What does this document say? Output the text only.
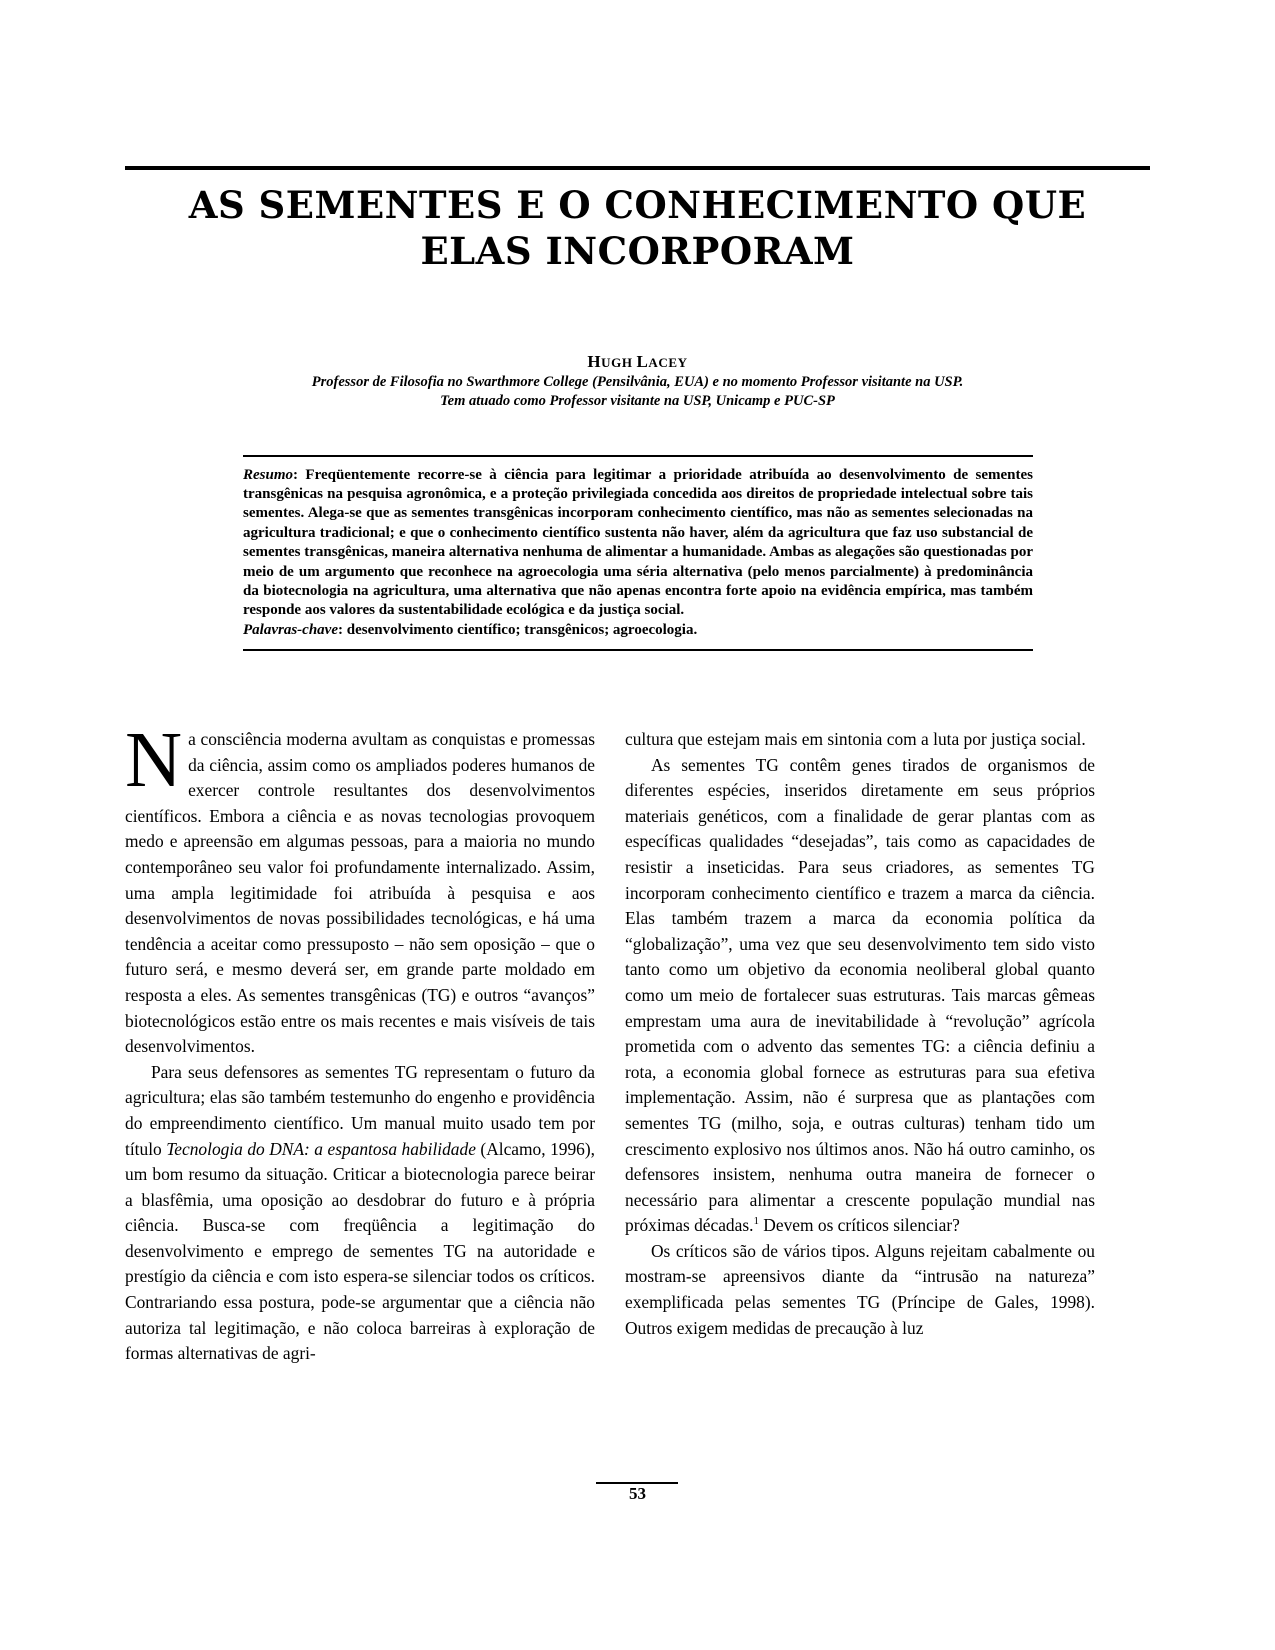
AS SEMENTES E O CONHECIMENTO QUE
ELAS INCORPORAM
HUGH LACEY
Professor de Filosofia no Swarthmore College (Pensilvânia, EUA) e no momento Professor visitante na USP.
Tem atuado como Professor visitante na USP, Unicamp e PUC-SP
Resumo: Freqüentemente recorre-se à ciência para legitimar a prioridade atribuída ao desenvolvimento de sementes transgênicas na pesquisa agronômica, e a proteção privilegiada concedida aos direitos de propriedade intelectual sobre tais sementes. Alega-se que as sementes transgênicas incorporam conhecimento científico, mas não as sementes selecionadas na agricultura tradicional; e que o conhecimento científico sustenta não haver, além da agricultura que faz uso substancial de sementes transgênicas, maneira alternativa nenhuma de alimentar a humanidade. Ambas as alegações são questionadas por meio de um argumento que reconhece na agroecologia uma séria alternativa (pelo menos parcialmente) à predominância da biotecnologia na agricultura, uma alternativa que não apenas encontra forte apoio na evidência empírica, mas também responde aos valores da sustentabilidade ecológica e da justiça social.
Palavras-chave: desenvolvimento científico; transgênicos; agroecologia.

Na consciência moderna avultam as conquistas e promessas da ciência, assim como os ampliados poderes humanos de exercer controle resultantes dos desenvolvimentos científicos. Embora a ciência e as novas tecnologias provoquem medo e apreensão em algumas pessoas, para a maioria no mundo contemporâneo seu valor foi profundamente internalizado. Assim, uma ampla legitimidade foi atribuída à pesquisa e aos desenvolvimentos de novas possibilidades tecnológicas, e há uma tendência a aceitar como pressuposto – não sem oposição – que o futuro será, e mesmo deverá ser, em grande parte moldado em resposta a eles. As sementes transgênicas (TG) e outros “avanços” biotecnológicos estão entre os mais recentes e mais visíveis de tais desenvolvimentos.

Para seus defensores as sementes TG representam o futuro da agricultura; elas são também testemunho do engenho e providência do empreendimento científico. Um manual muito usado tem por título Tecnologia do DNA: a espantosa habilidade (Alcamo, 1996), um bom resumo da situação. Criticar a biotecnologia parece beirar a blasfêmia, uma oposição ao desdobrar do futuro e à própria ciência. Busca-se com freqüência a legitimação do desenvolvimento e emprego de sementes TG na autoridade e prestígio da ciência e com isto espera-se silenciar todos os críticos. Contrariando essa postura, pode-se argumentar que a ciência não autoriza tal legitimação, e não coloca barreiras à exploração de formas alternativas de agri-

cultura que estejam mais em sintonia com a luta por justiça social.

As sementes TG contêm genes tirados de organismos de diferentes espécies, inseridos diretamente em seus próprios materiais genéticos, com a finalidade de gerar plantas com as específicas qualidades “desejadas”, tais como as capacidades de resistir a inseticidas. Para seus criadores, as sementes TG incorporam conhecimento científico e trazem a marca da ciência. Elas também trazem a marca da economia política da “globalização”, uma vez que seu desenvolvimento tem sido visto tanto como um objetivo da economia neoliberal global quanto como um meio de fortalecer suas estruturas. Tais marcas gêmeas emprestam uma aura de inevitabilidade à “revolução” agrícola prometida com o advento das sementes TG: a ciência definiu a rota, a economia global fornece as estruturas para sua efetiva implementação. Assim, não é surpresa que as plantações com sementes TG (milho, soja, e outras culturas) tenham tido um crescimento explosivo nos últimos anos. Não há outro caminho, os defensores insistem, nenhuma outra maneira de fornecer o necessário para alimentar a crescente população mundial nas próximas décadas.$^1$ Devem os críticos silenciar?

Os críticos são de vários tipos. Alguns rejeitam cabalmente ou mostram-se apreensivos diante da “intrusão na natureza” exemplificada pelas sementes TG (Príncipe de Gales, 1998). Outros exigem medidas de precaução à luz

53
